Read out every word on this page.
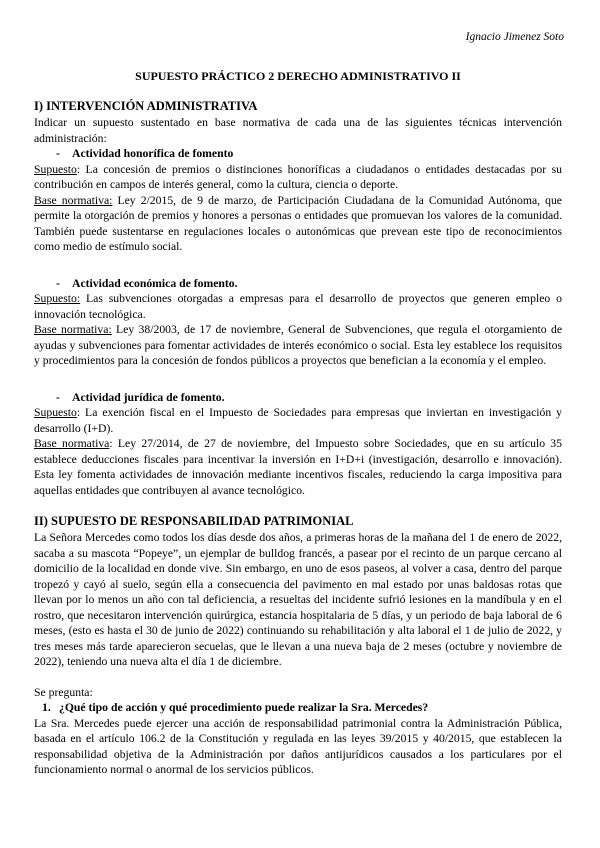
Ignacio Jimenez Soto
SUPUESTO PRÁCTICO 2 DERECHO ADMINISTRATIVO II

I) INTERVENCIÓN ADMINISTRATIVA

Indicar un supuesto sustentado en base normativa de cada una de las siguientes técnicas intervención administración:

- Actividad honorífica de fomento

Supuesto: La concesión de premios o distinciones honoríficas a ciudadanos o entidades destacadas por su contribución en campos de interés general, como la cultura, ciencia o deporte.

Base normativa: Ley 2/2015, de 9 de marzo, de Participación Ciudadana de la Comunidad Autónoma, que permite la otorgación de premios y honores a personas o entidades que promuevan los valores de la comunidad. También puede sustentarse en regulaciones locales o autonómicas que prevean este tipo de reconocimientos como medio de estímulo social.

- Actividad económica de fomento.

Supuesto: Las subvenciones otorgadas a empresas para el desarrollo de proyectos que generen empleo o innovación tecnológica.

Base normativa: Ley 38/2003, de 17 de noviembre, General de Subvenciones, que regula el otorgamiento de ayudas y subvenciones para fomentar actividades de interés económico o social. Esta ley establece los requisitos y procedimientos para la concesión de fondos públicos a proyectos que benefician a la economía y el empleo.

- Actividad jurídica de fomento.

Supuesto: La exención fiscal en el Impuesto de Sociedades para empresas que inviertan en investigación y desarrollo (I+D).

Base normativa: Ley 27/2014, de 27 de noviembre, del Impuesto sobre Sociedades, que en su artículo 35 establece deducciones fiscales para incentivar la inversión en I+D+i (investigación, desarrollo e innovación). Esta ley fomenta actividades de innovación mediante incentivos fiscales, reduciendo la carga impositiva para aquellas entidades que contribuyen al avance tecnológico.

II) SUPUESTO DE RESPONSABILIDAD PATRIMONIAL

La Señora Mercedes como todos los días desde dos años, a primeras horas de la mañana del 1 de enero de 2022, sacaba a su mascota “Popeye”, un ejemplar de bulldog francés, a pasear por el recinto de un parque cercano al domicilio de la localidad en donde vive. Sin embargo, en uno de esos paseos, al volver a casa, dentro del parque tropezó y cayó al suelo, según ella a consecuencia del pavimento en mal estado por unas baldosas rotas que llevan por lo menos un año con tal deficiencia, a resueltas del incidente sufrió lesiones en la mandíbula y en el rostro, que necesitaron intervención quirúrgica, estancia hospitalaria de 5 días, y un periodo de baja laboral de 6 meses, (esto es hasta el 30 de junio de 2022) continuando su rehabilitación y alta laboral el 1 de julio de 2022, y tres meses más tarde aparecieron secuelas, que le llevan a una nueva baja de 2 meses (octubre y noviembre de 2022), teniendo una nueva alta el día 1 de diciembre.

Se pregunta:

1. ¿Qué tipo de acción y qué procedimiento puede realizar la Sra. Mercedes?

La Sra. Mercedes puede ejercer una acción de responsabilidad patrimonial contra la Administración Pública, basada en el artículo 106.2 de la Constitución y regulada en las leyes 39/2015 y 40/2015, que establecen la responsabilidad objetiva de la Administración por daños antijurídicos causados a los particulares por el funcionamiento normal o anormal de los servicios públicos.
